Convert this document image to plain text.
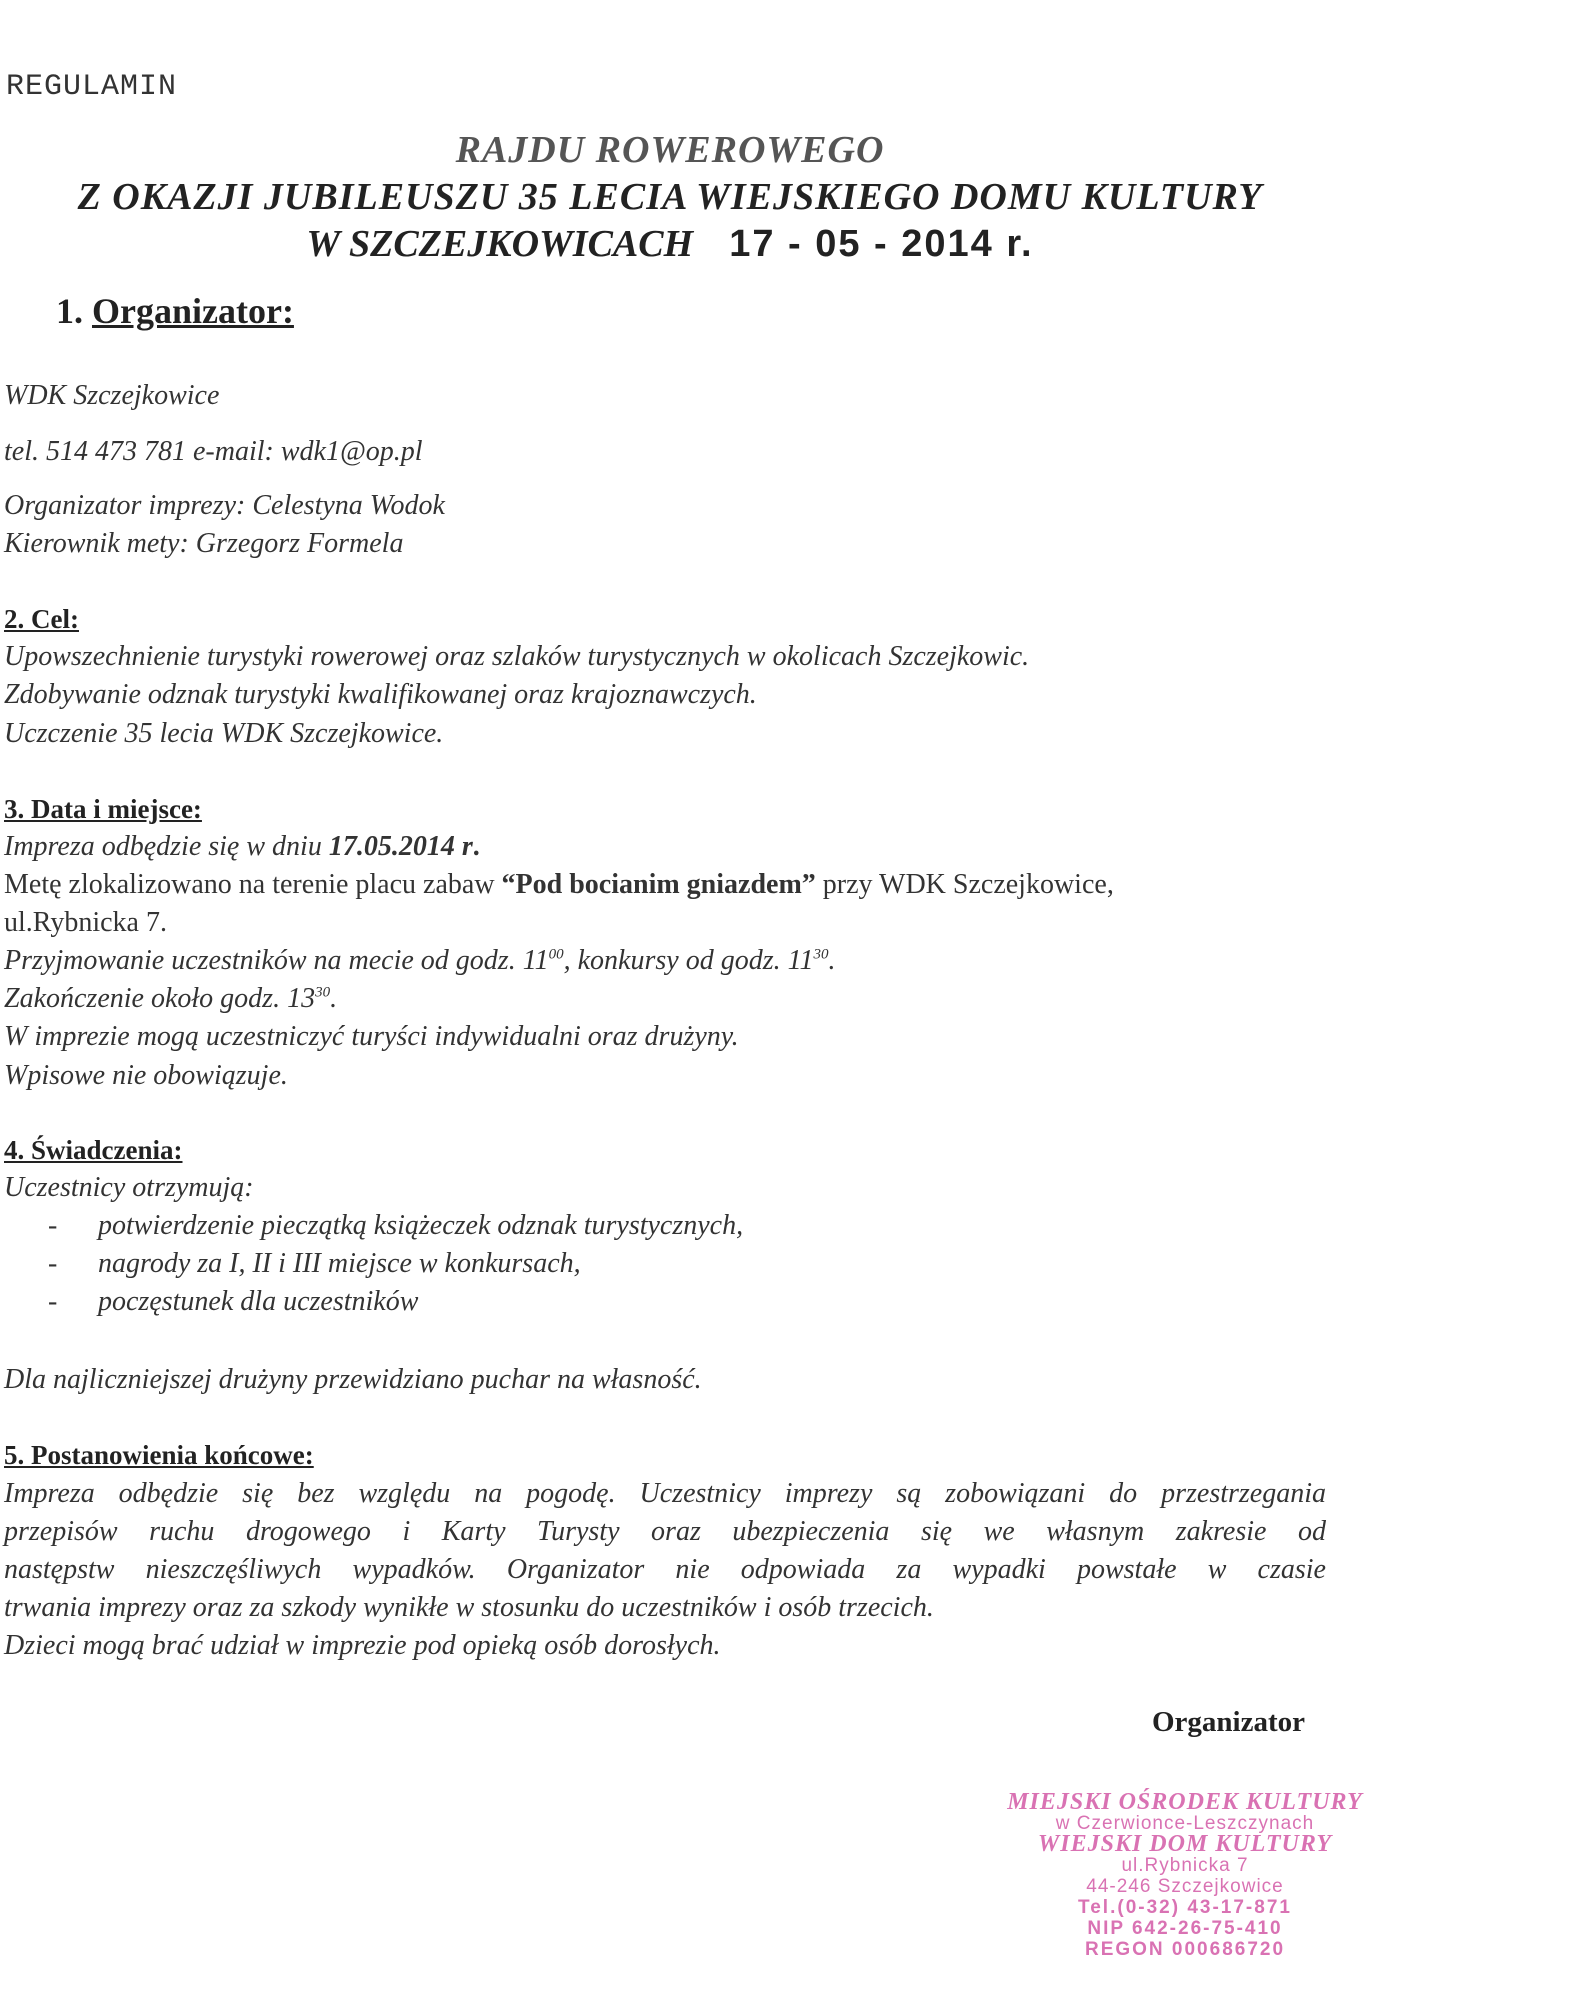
REGULAMIN
RAJDU ROWEROWEGO
Z OKAZJI JUBILEUSZU 35 LECIA WIEJSKIEGO DOMU KULTURY
W SZCZEJKOWICACH 17 - 05 - 2014 r.
1. Organizator:
WDK Szczejkowice
tel. 514 473 781 e-mail: wdk1@op.pl
Organizator imprezy: Celestyna Wodok
Kierownik mety: Grzegorz Formela
2. Cel:
Upowszechnienie turystyki rowerowej oraz szlaków turystycznych w okolicach Szczejkowic.
Zdobywanie odznak turystyki kwalifikowanej oraz krajoznawczych.
Uczczenie 35 lecia WDK Szczejkowice.
3. Data i miejsce:
Impreza odbędzie się w dniu 17.05.2014 r.
Metę zlokalizowano na terenie placu zabaw “Pod bocianim gniazdem” przy WDK Szczejkowice,
ul.Rybnicka 7.
Przyjmowanie uczestników na mecie od godz. $11^{00}$, konkursy od godz. $11^{30}$.
Zakończenie około godz. $13^{30}$.
W imprezie mogą uczestniczyć turyści indywidualni oraz drużyny.
Wpisowe nie obowiązuje.
4. Świadczenia:
Uczestnicy otrzymują:
- potwierdzenie pieczątką książeczek odznak turystycznych,
- nagrody za I, II i III miejsce w konkursach,
- poczęstunek dla uczestników
Dla najliczniejszej drużyny przewidziano puchar na własność.
5. Postanowienia końcowe:
Impreza odbędzie się bez względu na pogodę. Uczestnicy imprezy są zobowiązani do przestrzegania
przepisów ruchu drogowego i Karty Turysty oraz ubezpieczenia się we własnym zakresie od
następstw nieszczęśliwych wypadków. Organizator nie odpowiada za wypadki powstałe w czasie
trwania imprezy oraz za szkody wynikłe w stosunku do uczestników i osób trzecich.
Dzieci mogą brać udział w imprezie pod opieką osób dorosłych.
Organizator
MIEJSKI OŚRODEK KULTURY
w Czerwionce-Leszczynach
WIEJSKI DOM KULTURY
ul.Rybnicka 7
44-246 Szczejkowice
Tel.(0-32) 43-17-871
NIP 642-26-75-410
REGON 000686720
